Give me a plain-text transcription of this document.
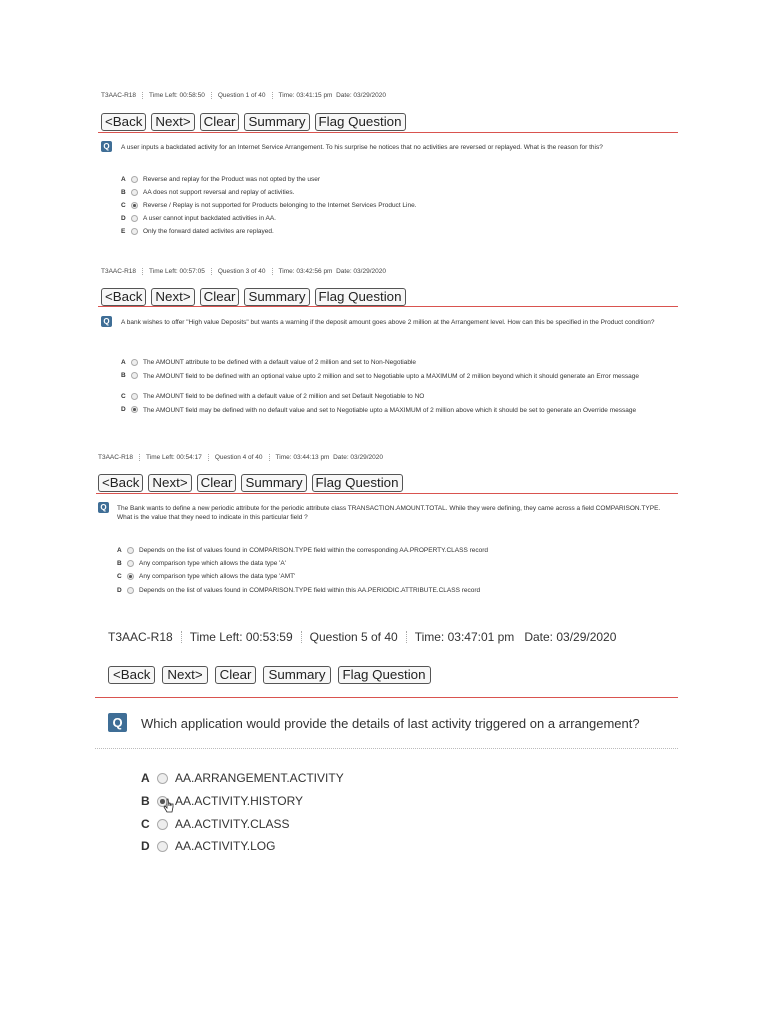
T3AAC-R18 Time Left: 00:58:50 Question 1 of 40 Time: 03:41:15 pm
Date: 03/29/2020
<Back Next> Clear Summary Flag Question
Q	A user inputs a backdated activity for an Internet Service Arrangement. To his surprise he notices that no activities are reversed or replayed. What is the reason for this?
A	Reverse and replay for the Product was not opted by the user
B	AA does not support reversal and replay of activities.
C	Reverse / Replay is not supported for Products belonging to the Internet Services Product Line.
D	A user cannot input backdated activities in AA.
E	Only the forward dated activites are replayed.
T3AAC-R18 Time Left: 00:57:05 Question 3 of 40 Time: 03:42:56 pm
Date: 03/29/2020
<Back Next> Clear Summary Flag Question
Q	A bank wishes to offer "High value Deposits" but wants a warning if the deposit amount goes above 2 million at the Arrangement level. How can this be specified in the Product condition?
A	The AMOUNT attribute to be defined with a default value of 2 million and set to Non-Negotiable
B	The AMOUNT field to be defined with an optional value upto 2 million and set to Negotiable upto a MAXIMUM of 2 million beyond which it should generate an Error message
C	The AMOUNT field to be defined with a default value of 2 million and set Default Negotiable to NO
D	The AMOUNT field may be defined with no default value and set to Negotiable upto a MAXIMUM of 2 million above which it should be set to generate an Override message
T3AAC-R18 Time Left: 00:54:17 Question 4 of 40 Time: 03:44:13 pm
Date: 03/29/2020
<Back Next> Clear Summary Flag Question
Q	The Bank wants to define a new periodic attribute for the periodic attribute class TRANSACTION.AMOUNT.TOTAL. While they were defining, they came across a field COMPARISON.TYPE. What is the value that they need to indicate in this particular field ?
A	Depends on the list of values found in COMPARISON.TYPE field within the corresponding AA.PROPERTY.CLASS record
B	Any comparison type which allows the data type 'A'
C	Any comparison type which allows the data type 'AMT'
D	Depends on the list of values found in COMPARISON.TYPE field within this AA.PERIODIC.ATTRIBUTE.CLASS record
T3AAC-R18 Time Left: 00:53:59 Question 5 of 40 Time: 03:47:01 pm
Date: 03/29/2020
<Back	Next>	Clear	Summary	Flag Question
Q	Which application would provide the details of last activity triggered on a arrangement?
A	AA.ARRANGEMENT.ACTIVITY
B	AA.ACTIVITY.HISTORY
C	AA.ACTIVITY.CLASS
D	AA.ACTIVITY.LOG
